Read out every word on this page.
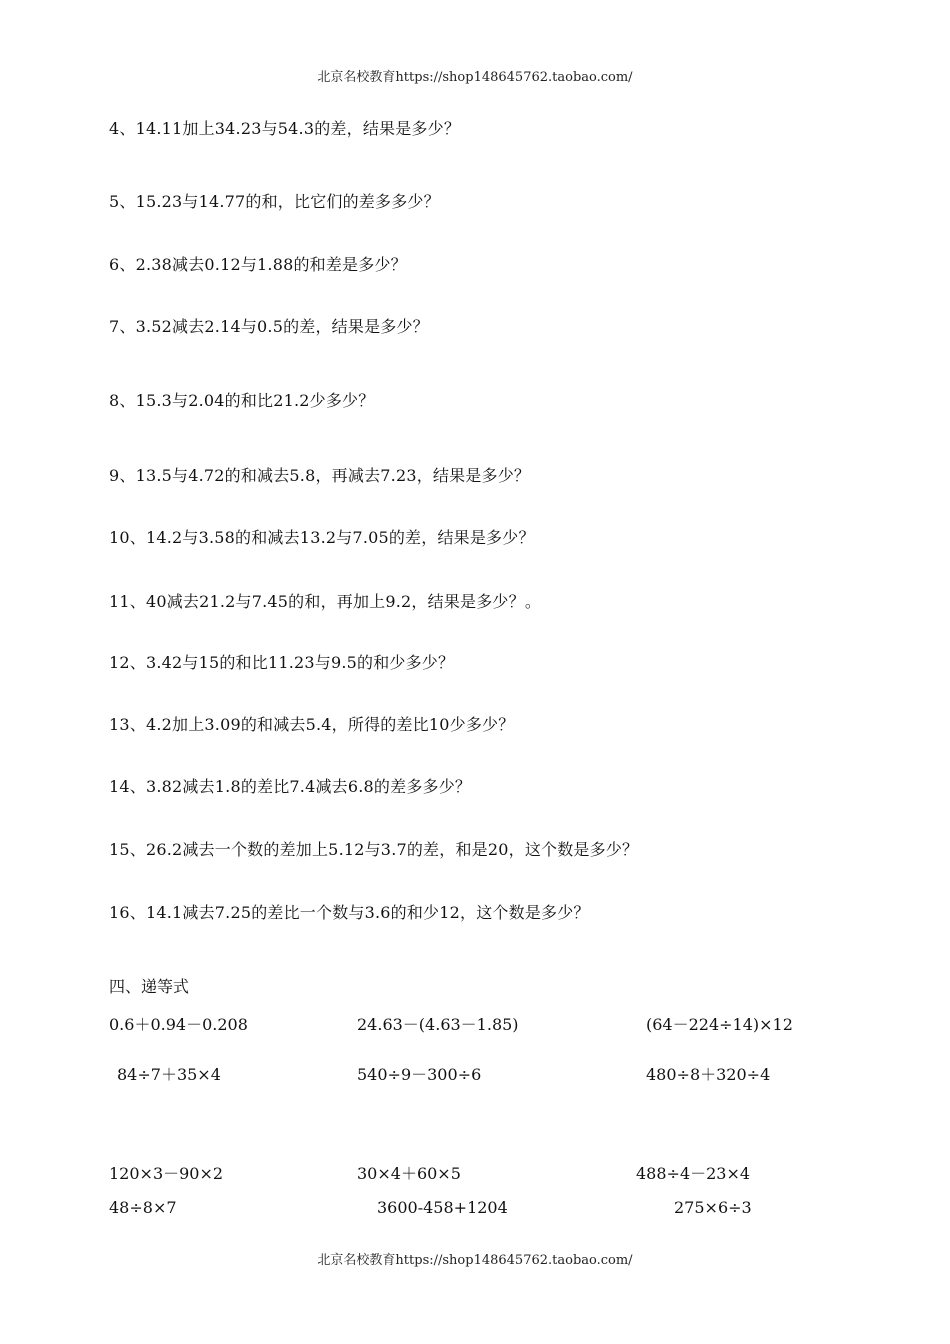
北京名校教育https://shop148645762.taobao.com/
4、14.11加上34.23与54.3的差，结果是多少？
5、15.23与14.77的和，比它们的差多多少？
6、2.38减去0.12与1.88的和差是多少？
7、3.52减去2.14与0.5的差，结果是多少？
8、15.3与2.04的和比21.2少多少？
9、13.5与4.72的和减去5.8，再减去7.23，结果是多少？
10、14.2与3.58的和减去13.2与7.05的差，结果是多少？
11、40减去21.2与7.45的和，再加上9.2，结果是多少？。
12、3.42与15的和比11.23与9.5的和少多少？
13、4.2加上3.09的和减去5.4，所得的差比10少多少？
14、3.82减去1.8的差比7.4减去6.8的差多多少？
15、26.2减去一个数的差加上5.12与3.7的差，和是20，这个数是多少？
16、14.1减去7.25的差比一个数与3.6的和少12，这个数是多少？
四、递等式
0.6＋0.94－0.208	24.63－(4.63－1.85)	(64－224÷14)×12
84÷7＋35×4	540÷9－300÷6	480÷8＋320÷4
120×3－90×2	30×4＋60×5	488÷4－23×4
48÷8×7	3600-458+1204	275×6÷3
北京名校教育https://shop148645762.taobao.com/
